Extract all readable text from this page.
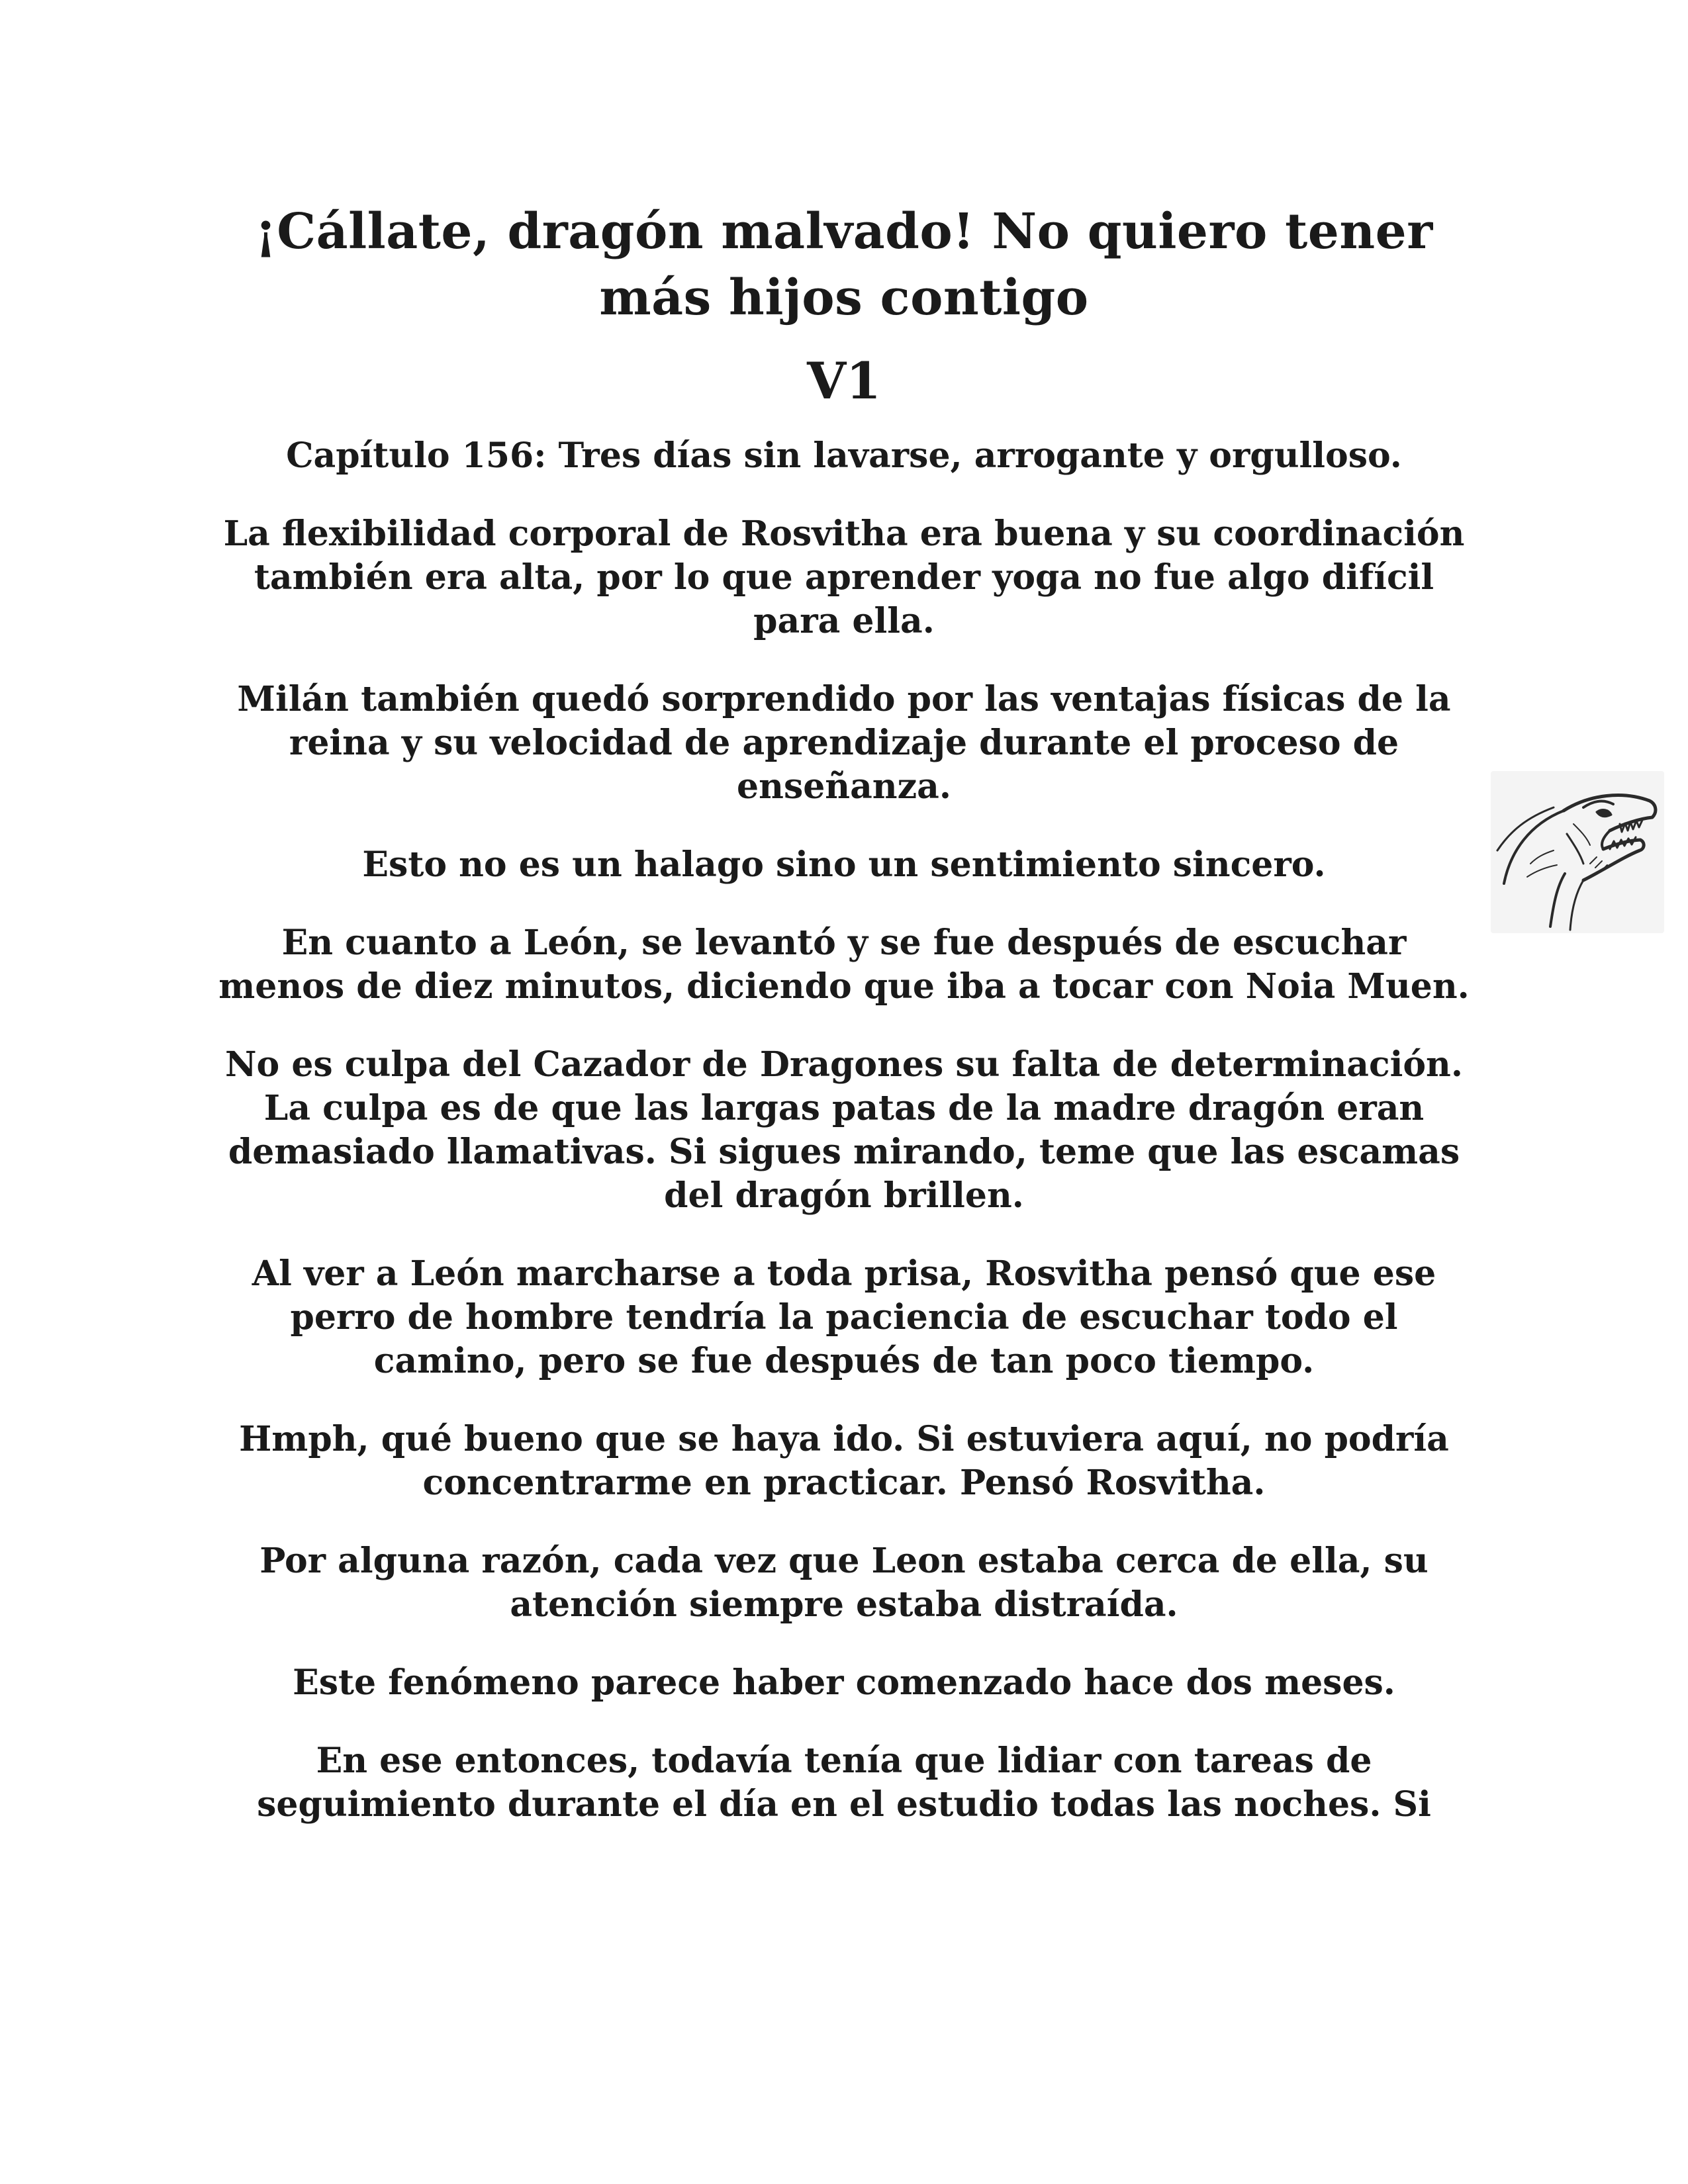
¡Cállate, dragón malvado! No quiero tener
más hijos contigo
V1

Capítulo 156: Tres días sin lavarse, arrogante y orgulloso.

La flexibilidad corporal de Rosvitha era buena y su coordinación también era alta, por lo que aprender yoga no fue algo difícil para ella.

Milán también quedó sorprendido por las ventajas físicas de la reina y su velocidad de aprendizaje durante el proceso de enseñanza.

Esto no es un halago sino un sentimiento sincero.

En cuanto a León, se levantó y se fue después de escuchar menos de diez minutos, diciendo que iba a tocar con Noia Muen.

No es culpa del Cazador de Dragones su falta de determinación. La culpa es de que las largas patas de la madre dragón eran demasiado llamativas. Si sigues mirando, teme que las escamas del dragón brillen.

Al ver a León marcharse a toda prisa, Rosvitha pensó que ese perro de hombre tendría la paciencia de escuchar todo el camino, pero se fue después de tan poco tiempo.

Hmph, qué bueno que se haya ido. Si estuviera aquí, no podría concentrarme en practicar. Pensó Rosvitha.

Por alguna razón, cada vez que Leon estaba cerca de ella, su atención siempre estaba distraída.

Este fenómeno parece haber comenzado hace dos meses.

En ese entonces, todavía tenía que lidiar con tareas de seguimiento durante el día en el estudio todas las noches. Si
